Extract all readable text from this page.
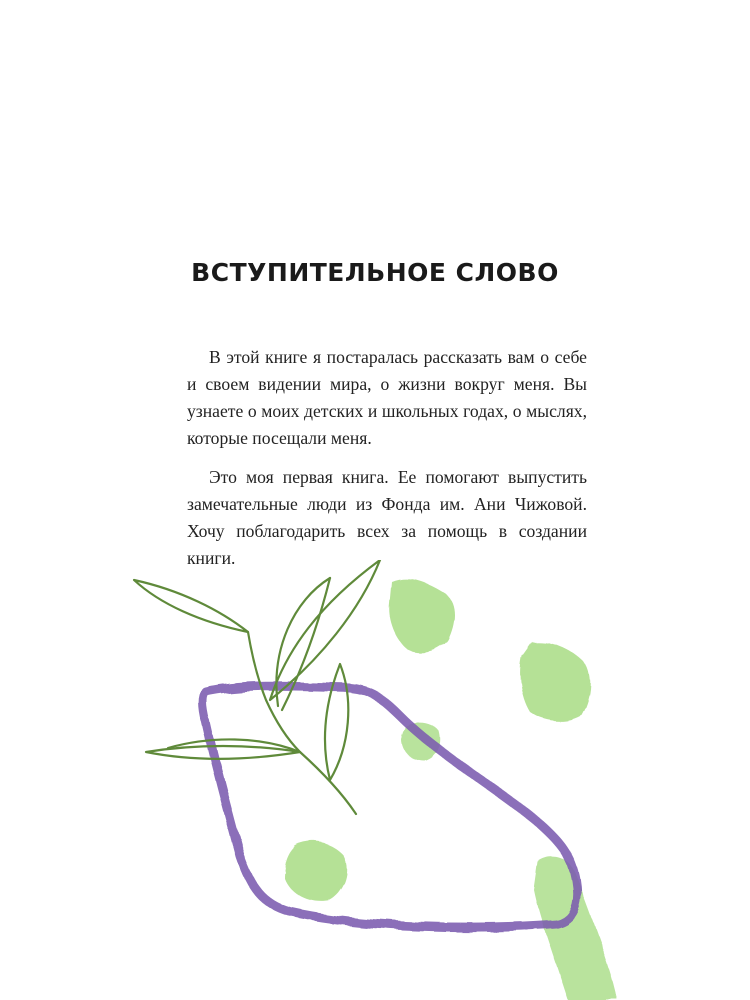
ВСТУПИТЕЛЬНОЕ СЛОВО

В этой книге я постаралась рассказать вам о себе и своем видении мира, о жизни вокруг меня. Вы узнаете о моих детских и школьных годах, о мыслях, которые посещали меня.

Это моя первая книга. Ее помогают выпустить замечательные люди из Фонда им. Ани Чижовой. Хочу поблагодарить всех за помощь в создании книги.
